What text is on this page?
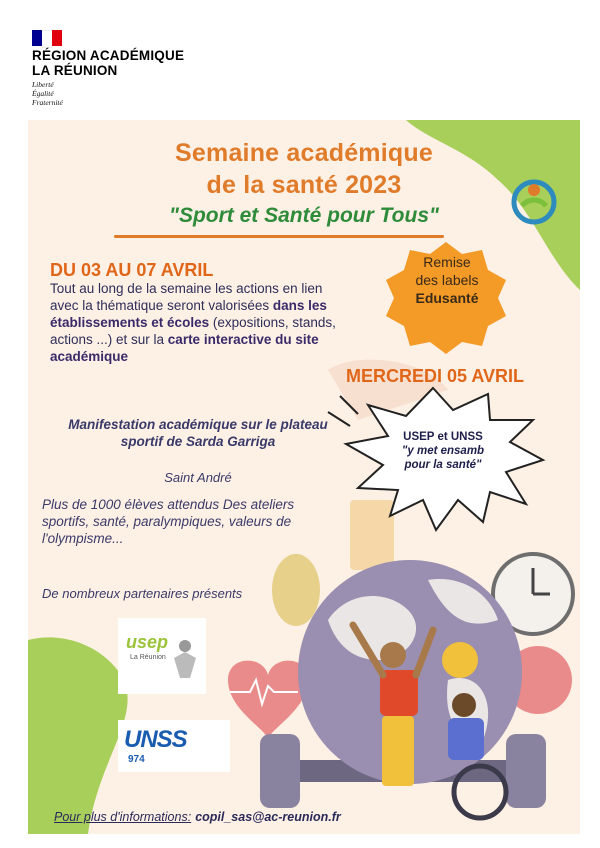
RÉGION ACADÉMIQUE
LA RÉUNION
Liberté
Égalité
Fraternité
Semaine académique
de la santé 2023
"Sport et Santé pour Tous"
DU 03 AU 07 AVRIL
Tout au long de la semaine les actions en lien avec la thématique seront valorisées dans les établissements et écoles (expositions, stands, actions ...) et sur la carte interactive du site académique
Manifestation académique sur le plateau sportif de Sarda Garriga
Saint André
Plus de 1000 élèves attendus Des ateliers sportifs, santé, paralympiques, valeurs de l'olympisme...
De nombreux partenaires présents
Remise
des labels
Edusanté
MERCREDI 05 AVRIL
USEP et UNSS
"y met ensamb
pour la santé"
usep
La Réunion
UNSS
974
Pour plus d'informations: copil_sas@ac-reunion.fr
